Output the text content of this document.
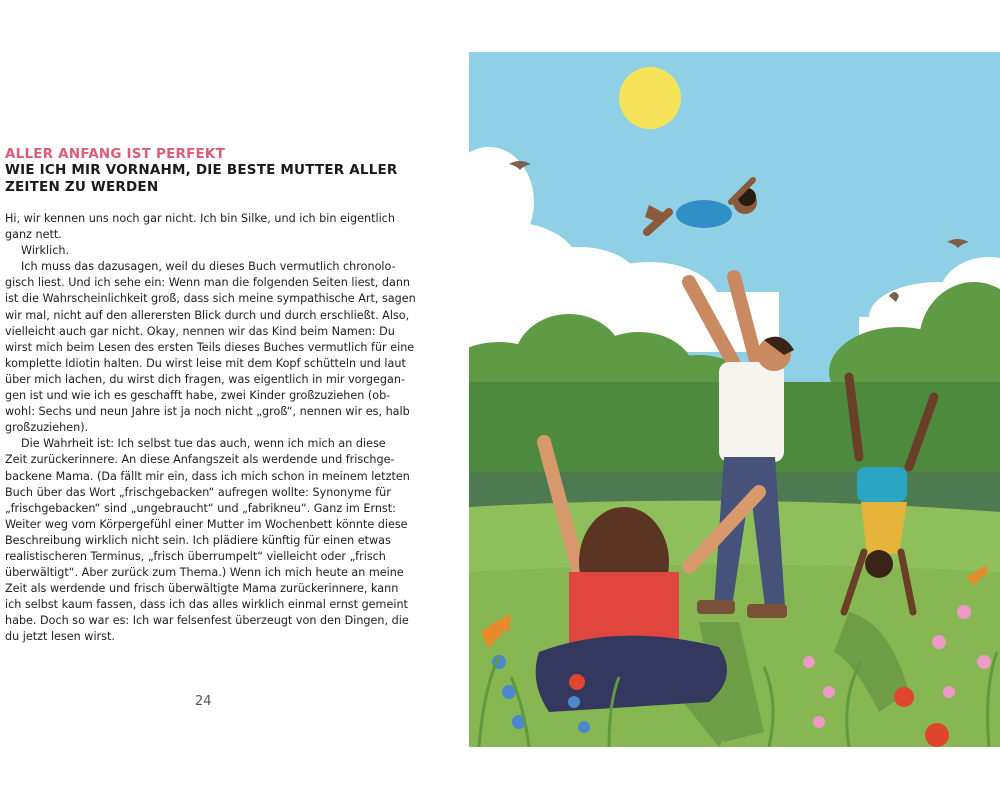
ALLER ANFANG IST PERFEKT
WIE ICH MIR VORNAHM, DIE BESTE MUTTER ALLER
ZEITEN ZU WERDEN
Hi, wir kennen uns noch gar nicht. Ich bin Silke, und ich bin eigentlich
ganz nett.
Wirklich.
Ich muss das dazusagen, weil du dieses Buch vermutlich chronolo-
gisch liest. Und ich sehe ein: Wenn man die folgenden Seiten liest, dann
ist die Wahrscheinlichkeit groß, dass sich meine sympathische Art, sagen
wir mal, nicht auf den allerersten Blick durch und durch erschließt. Also,
vielleicht auch gar nicht. Okay, nennen wir das Kind beim Namen: Du
wirst mich beim Lesen des ersten Teils dieses Buches vermutlich für eine
komplette Idiotin halten. Du wirst leise mit dem Kopf schütteln und laut
über mich lachen, du wirst dich fragen, was eigentlich in mir vorgegan-
gen ist und wie ich es geschafft habe, zwei Kinder großzuziehen (ob-
wohl: Sechs und neun Jahre ist ja noch nicht „groß“, nennen wir es, halb
großzuziehen).
Die Wahrheit ist: Ich selbst tue das auch, wenn ich mich an diese
Zeit zurückerinnere. An diese Anfangszeit als werdende und frischge-
backene Mama. (Da fällt mir ein, dass ich mich schon in meinem letzten
Buch über das Wort „frischgebacken“ aufregen wollte: Synonyme für
„frischgebacken“ sind „ungebraucht“ und „fabrikneu“. Ganz im Ernst:
Weiter weg vom Körpergefühl einer Mutter im Wochenbett könnte diese
Beschreibung wirklich nicht sein. Ich plädiere künftig für einen etwas
realistischeren Terminus, „frisch überrumpelt“ vielleicht oder „frisch
überwältigt“. Aber zurück zum Thema.) Wenn ich mich heute an meine
Zeit als werdende und frisch überwältigte Mama zurückerinnere, kann
ich selbst kaum fassen, dass ich das alles wirklich einmal ernst gemeint
habe. Doch so war es: Ich war felsenfest überzeugt von den Dingen, die
du jetzt lesen wirst.
24
